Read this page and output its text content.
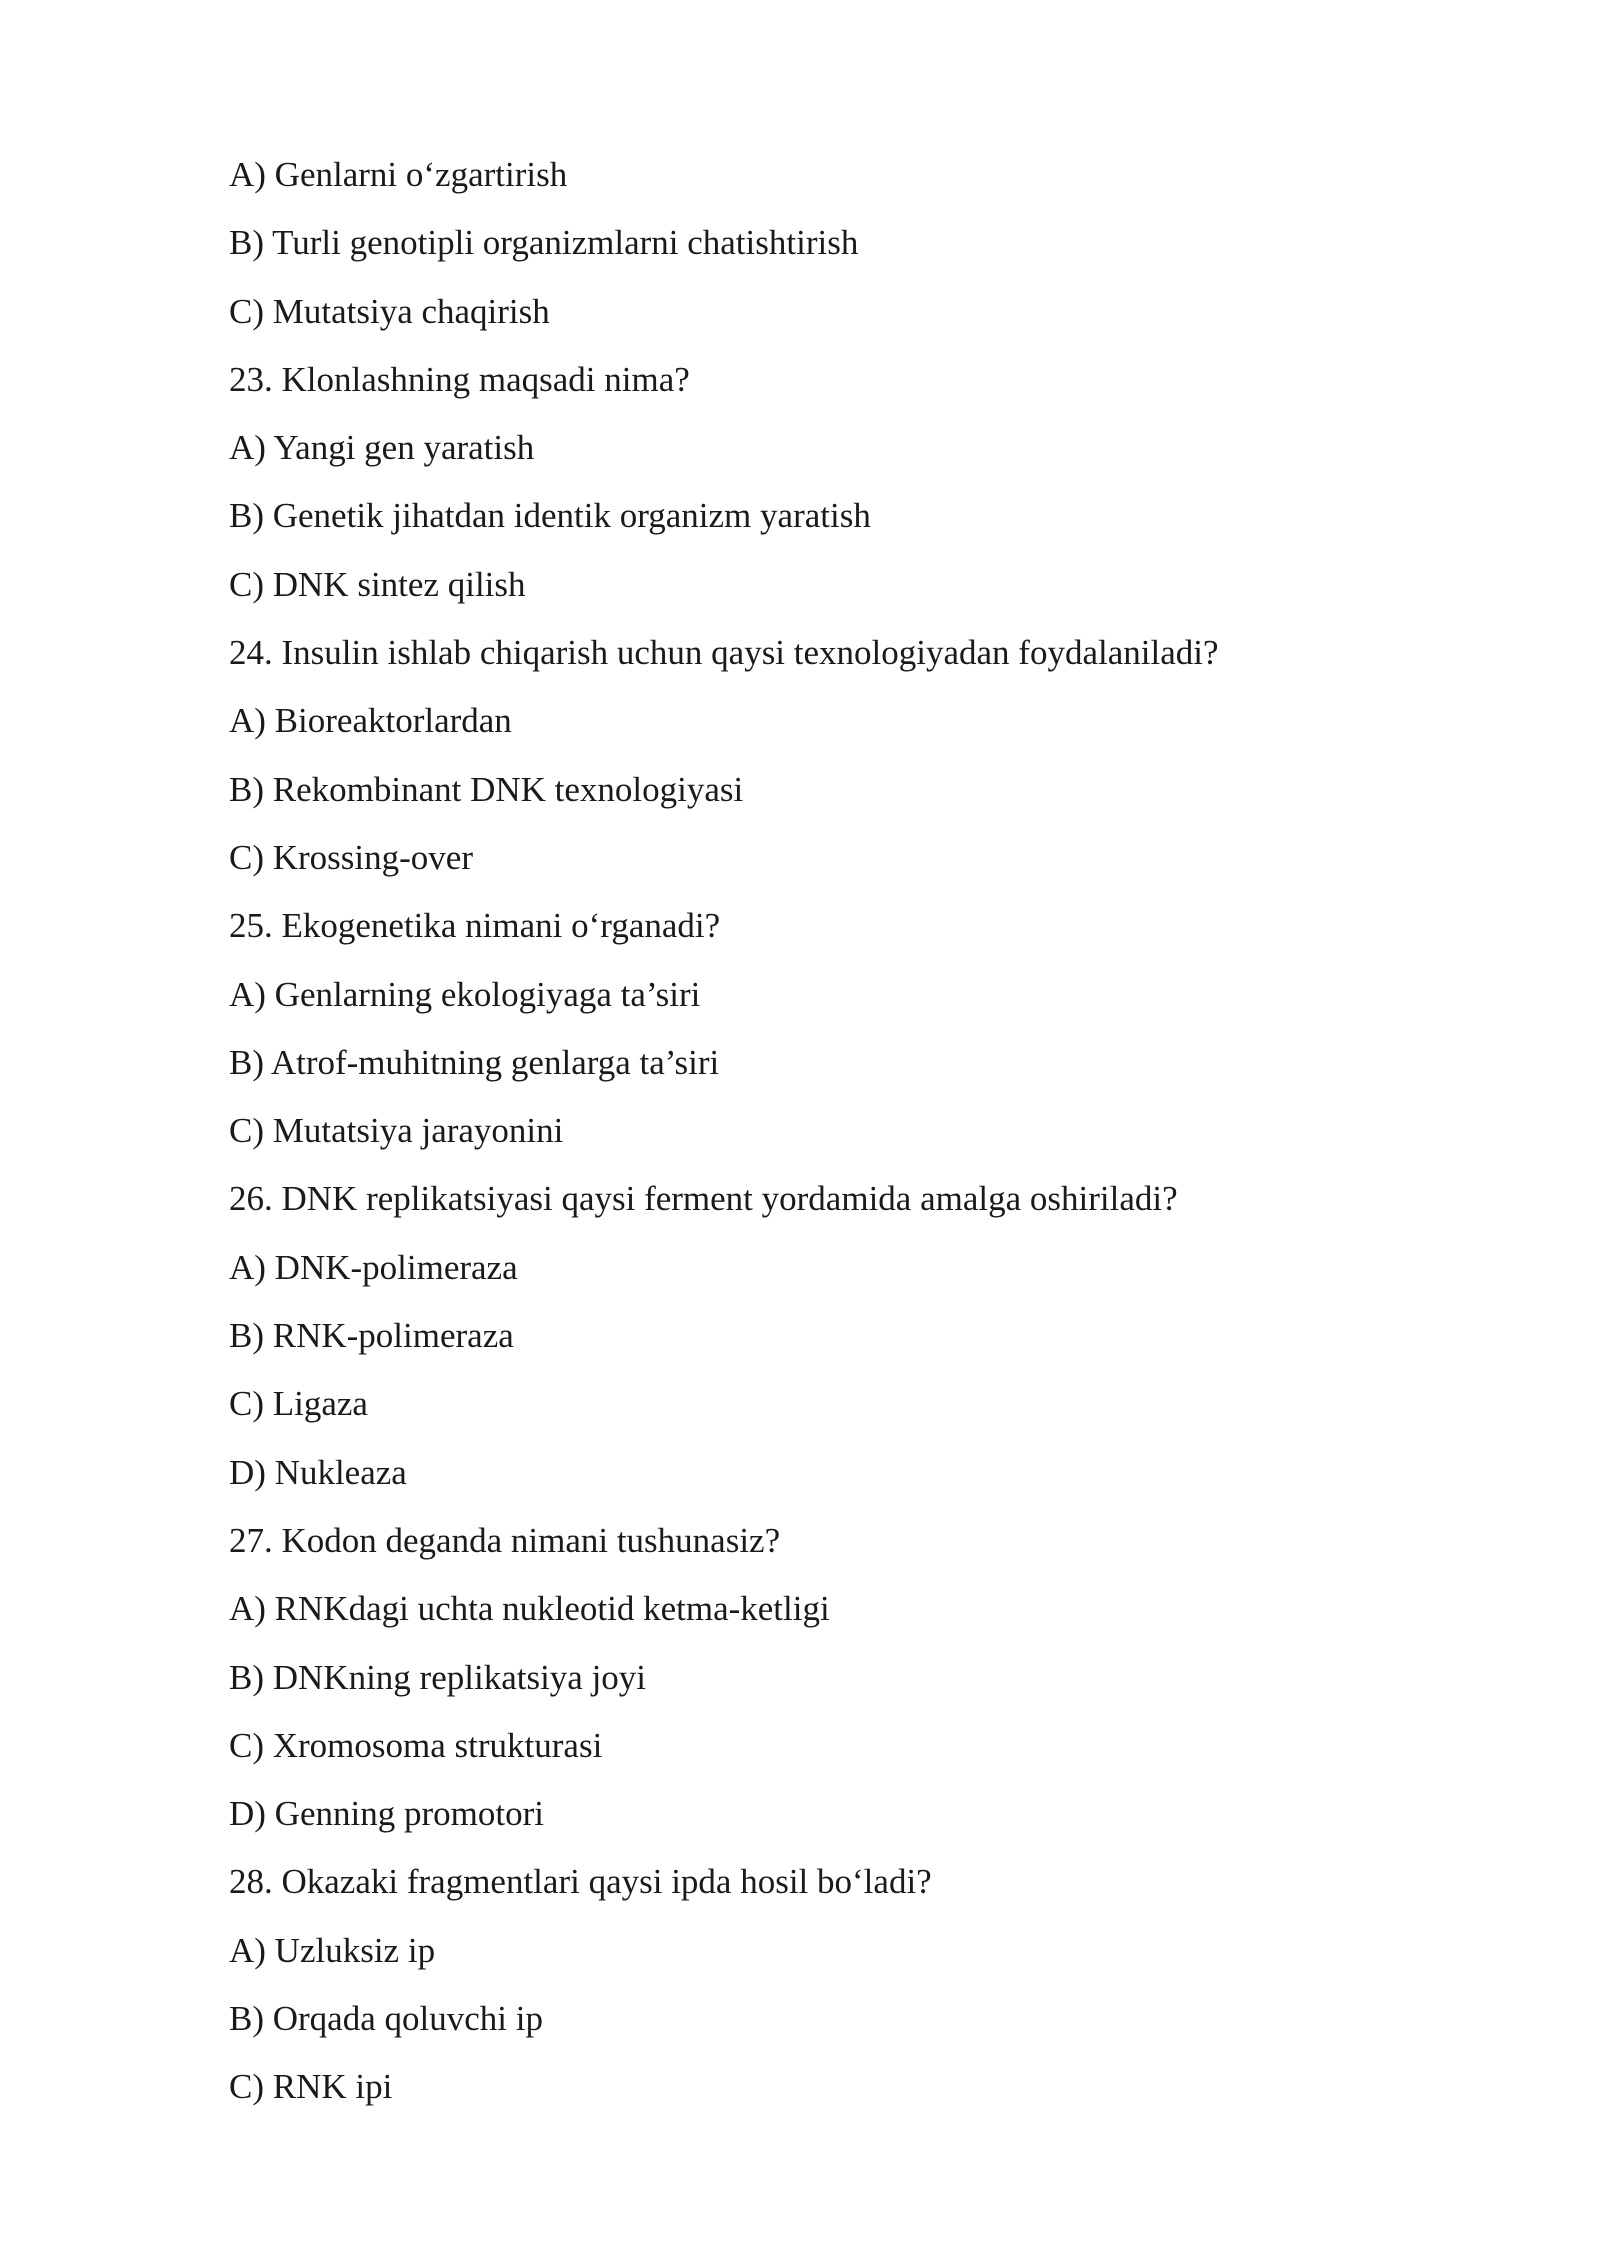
A) Genlarni o‘zgartirish
B) Turli genotipli organizmlarni chatishtirish
C) Mutatsiya chaqirish
23. Klonlashning maqsadi nima?
A) Yangi gen yaratish
B) Genetik jihatdan identik organizm yaratish
C) DNK sintez qilish
24. Insulin ishlab chiqarish uchun qaysi texnologiyadan foydalaniladi?
A) Bioreaktorlardan
B) Rekombinant DNK texnologiyasi
C) Krossing-over
25. Ekogenetika nimani o‘rganadi?
A) Genlarning ekologiyaga ta’siri
B) Atrof-muhitning genlarga ta’siri
C) Mutatsiya jarayonini
26. DNK replikatsiyasi qaysi ferment yordamida amalga oshiriladi?
A) DNK-polimeraza
B) RNK-polimeraza
C) Ligaza
D) Nukleaza
27. Kodon deganda nimani tushunasiz?
A) RNKdagi uchta nukleotid ketma-ketligi
B) DNKning replikatsiya joyi
C) Xromosoma strukturasi
D) Genning promotori
28. Okazaki fragmentlari qaysi ipda hosil bo‘ladi?
A) Uzluksiz ip
B) Orqada qoluvchi ip
C) RNK ipi
